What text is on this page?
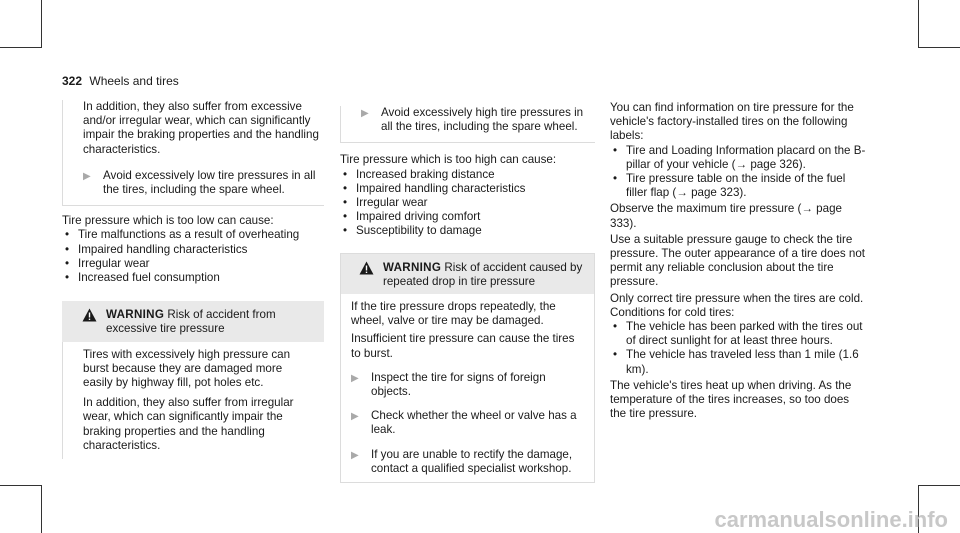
322 Wheels and tires

In addition, they also suffer from excessive and/or irregular wear, which can significantly impair the braking properties and the handling characteristics.

▶	Avoid excessively low tire pressures in all the tires, including the spare wheel.

Tire pressure which is too low can cause:

• Tire malfunctions as a result of overheating
• Impaired handling characteristics
• Irregular wear
• Increased fuel consumption
WARNING Risk of accident from excessive tire pressure

Tires with excessively high pressure can burst because they are damaged more easily by highway fill, pot holes etc.

In addition, they also suffer from irregular wear, which can significantly impair the braking properties and the handling characteristics.

▶	Avoid excessively high tire pressures in all the tires, including the spare wheel.

Tire pressure which is too high can cause:

• Increased braking distance
• Impaired handling characteristics
• Irregular wear
• Impaired driving comfort
• Susceptibility to damage
WARNING Risk of accident caused by repeated drop in tire pressure

If the tire pressure drops repeatedly, the wheel, valve or tire may be damaged.

Insufficient tire pressure can cause the tires to burst.

▶	Inspect the tire for signs of foreign objects.
▶	Check whether the wheel or valve has a leak.
▶	If you are unable to rectify the damage, contact a qualified specialist workshop.

You can find information on tire pressure for the vehicle's factory-installed tires on the following labels:

• Tire and Loading Information placard on the B-pillar of your vehicle (→ page 326).
• Tire pressure table on the inside of the fuel filler flap (→ page 323).

Observe the maximum tire pressure (→ page 333).

Use a suitable pressure gauge to check the tire pressure. The outer appearance of a tire does not permit any reliable conclusion about the tire pressure.

Only correct tire pressure when the tires are cold. Conditions for cold tires:

• The vehicle has been parked with the tires out of direct sunlight for at least three hours.
• The vehicle has traveled less than 1 mile (1.6 km).

The vehicle's tires heat up when driving. As the temperature of the tires increases, so too does the tire pressure.

carmanualsonline.info
